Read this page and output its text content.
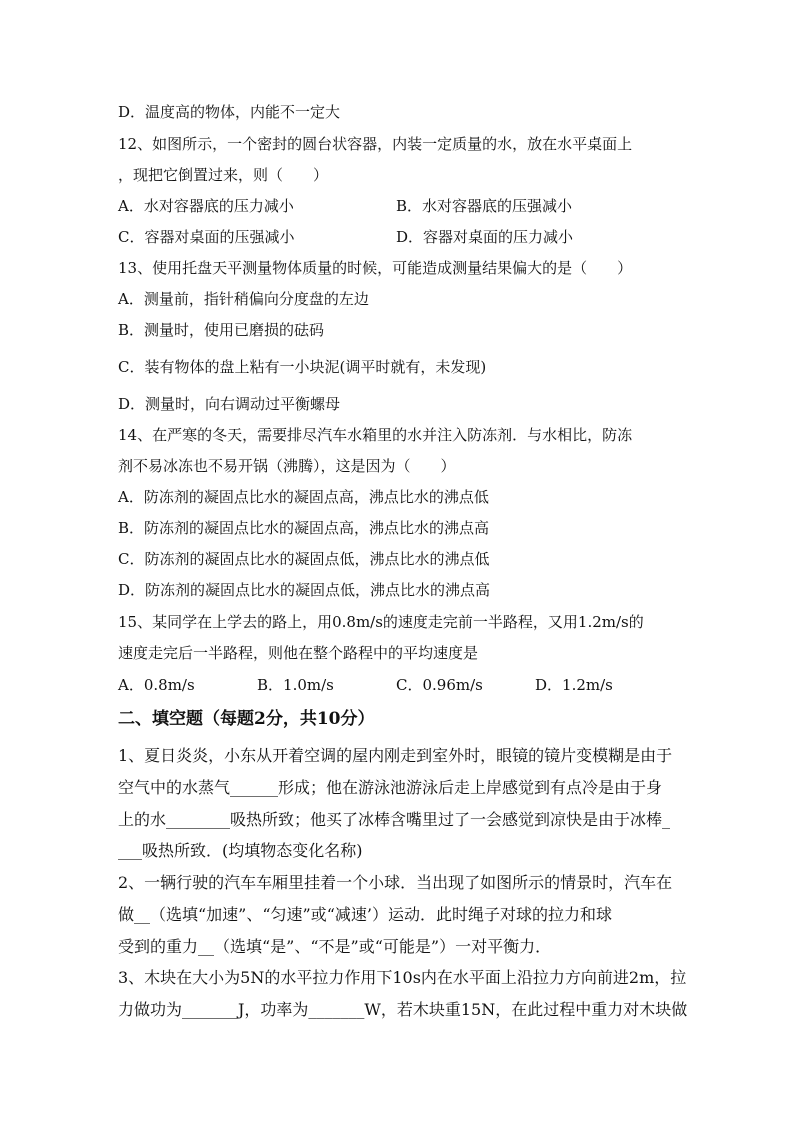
D．温度高的物体，内能不一定大
12、如图所示，一个密封的圆台状容器，内装一定质量的水，放在水平桌面上
，现把它倒置过来，则（　　）
A．水对容器底的压力减小	B．水对容器底的压强减小
C．容器对桌面的压强减小	D．容器对桌面的压力减小
13、使用托盘天平测量物体质量的时候，可能造成测量结果偏大的是（　　）
A．测量前，指针稍偏向分度盘的左边
B．测量时，使用已磨损的砝码
C．装有物体的盘上粘有一小块泥(调平时就有，未发现)
D．测量时，向右调动过平衡螺母
14、在严寒的冬天，需要排尽汽车水箱里的水并注入防冻剂．与水相比，防冻
剂不易冰冻也不易开锅（沸腾），这是因为（　　）
A．防冻剂的凝固点比水的凝固点高，沸点比水的沸点低
B．防冻剂的凝固点比水的凝固点高，沸点比水的沸点高
C．防冻剂的凝固点比水的凝固点低，沸点比水的沸点低
D．防冻剂的凝固点比水的凝固点低，沸点比水的沸点高
15、某同学在上学去的路上，用0.8m/s的速度走完前一半路程，又用1.2m/s的
速度走完后一半路程，则他在整个路程中的平均速度是
A．0.8m/s	B．1.0m/s	C．0.96m/s	D．1.2m/s
二、填空题（每题2分，共10分）
1、夏日炎炎，小东从开着空调的屋内刚走到室外时，眼镜的镜片变模糊是由于
空气中的水蒸气______形成；他在游泳池游泳后走上岸感觉到有点冷是由于身
上的水________吸热所致；他买了冰棒含嘴里过了一会感觉到凉快是由于冰棒_
___吸热所致．(均填物态变化名称)
2、一辆行驶的汽车车厢里挂着一个小球．当出现了如图所示的情景时，汽车在
做__（选填“加速”、“匀速”或“减速’）运动．此时绳子对球的拉力和球
受到的重力__（选填“是”、“不是”或“可能是”）一对平衡力．
3、木块在大小为5N的水平拉力作用下10s内在水平面上沿拉力方向前进2m，拉
力做功为_______J，功率为_______W，若木块重15N，在此过程中重力对木块做
